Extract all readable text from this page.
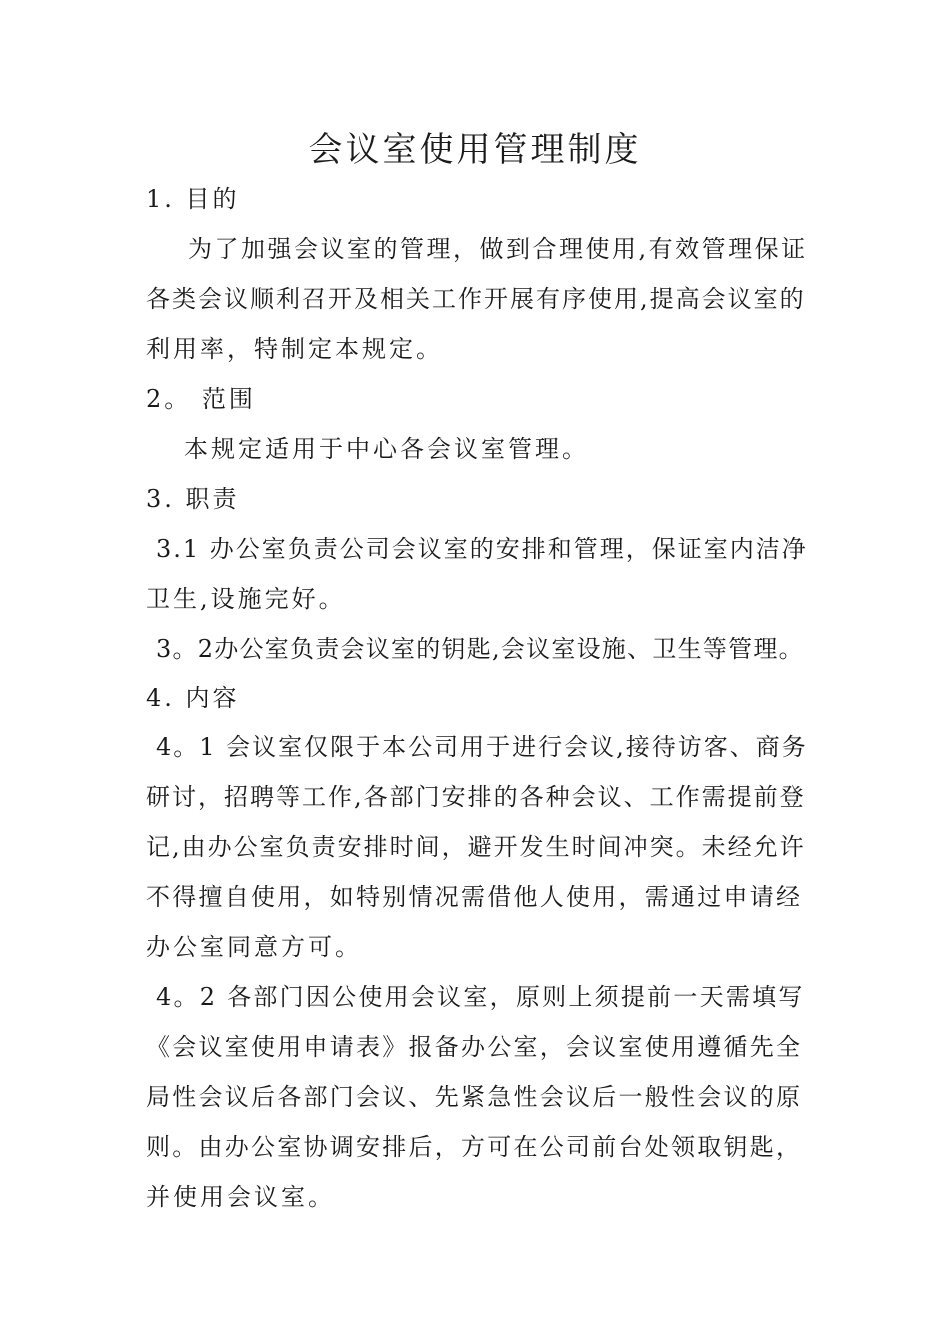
会议室使用管理制度
1. 目的
为了加强会议室的管理，做到合理使用,有效管理保证
各类会议顺利召开及相关工作开展有序使用,提高会议室的
利用率，特制定本规定。
2。 范围
本规定适用于中心各会议室管理。
3. 职责
3.1 办公室负责公司会议室的安排和管理，保证室内洁净
卫生,设施完好。
3。2办公室负责会议室的钥匙,会议室设施、卫生等管理。
4. 内容
4。1 会议室仅限于本公司用于进行会议,接待访客、商务
研讨，招聘等工作,各部门安排的各种会议、工作需提前登
记,由办公室负责安排时间，避开发生时间冲突。未经允许
不得擅自使用，如特别情况需借他人使用，需通过申请经
办公室同意方可。
4。2 各部门因公使用会议室，原则上须提前一天需填写
《会议室使用申请表》报备办公室，会议室使用遵循先全
局性会议后各部门会议、先紧急性会议后一般性会议的原
则。由办公室协调安排后，方可在公司前台处领取钥匙，
并使用会议室。
